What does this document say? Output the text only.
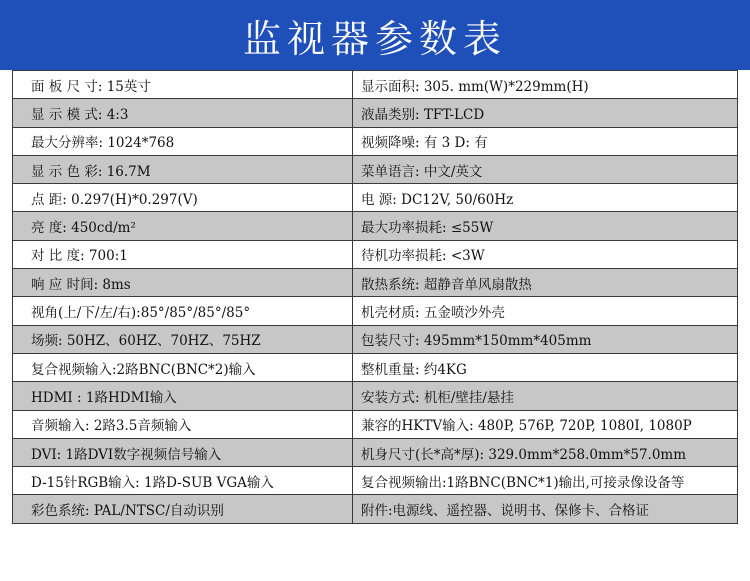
监视器参数表
面 板 尺 寸: 15英寸	显示面积: 305. mm(W)*229mm(H)
显 示 模 式: 4:3	液晶类别: TFT-LCD
最大分辨率: 1024*768	视频降噪: 有 3 D: 有
显 示 色 彩: 16.7M	菜单语言: 中文/英文
点 距: 0.297(H)*0.297(V)	电 源: DC12V, 50/60Hz
亮 度: 450cd/m²	最大功率损耗: ≤55W
对 比 度: 700:1	待机功率损耗: <3W
响 应 时间: 8ms	散热系统: 超静音单风扇散热
视角(上/下/左/右):85°/85°/85°/85°	机壳材质: 五金喷沙外壳
场频: 50HZ、60HZ、70HZ、75HZ	包装尺寸: 495mm*150mm*405mm
复合视频输入:2路BNC(BNC*2)输入	整机重量: 约4KG
HDMI : 1路HDMI输入	安装方式: 机柜/壁挂/悬挂
音频输入: 2路3.5音频输入	兼容的HKTV输入: 480P, 576P, 720P, 1080I, 1080P
DVI: 1路DVI数字视频信号输入	机身尺寸(长*高*厚): 329.0mm*258.0mm*57.0mm
D-15针RGB输入: 1路D-SUB VGA输入	复合视频输出:1路BNC(BNC*1)输出,可接录像设备等
彩色系统: PAL/NTSC/自动识别	附件:电源线、遥控器、说明书、保修卡、合格证
